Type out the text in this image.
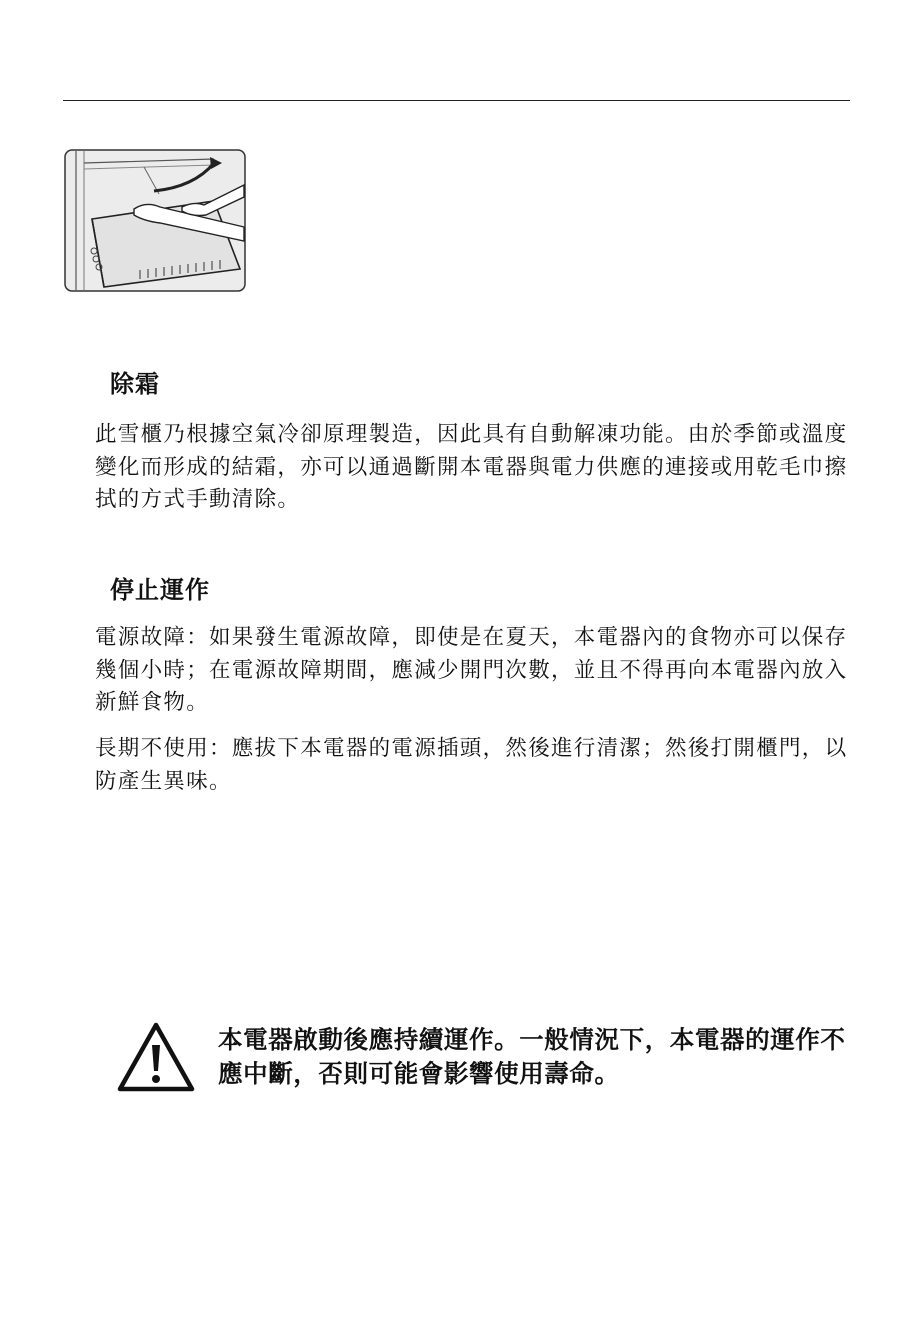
除霜

此雪櫃乃根據空氣冷卻原理製造，因此具有自動解凍功能。由於季節或溫度變化而形成的結霜，亦可以通過斷開本電器與電力供應的連接或用乾毛巾擦拭的方式手動清除。

停止運作

電源故障：如果發生電源故障，即使是在夏天，本電器內的食物亦可以保存幾個小時；在電源故障期間，應減少開門次數，並且不得再向本電器內放入新鮮食物。

長期不使用：應拔下本電器的電源插頭，然後進行清潔；然後打開櫃門，以防產生異味。

本電器啟動後應持續運作。一般情況下，本電器的運作不應中斷，否則可能會影響使用壽命。
